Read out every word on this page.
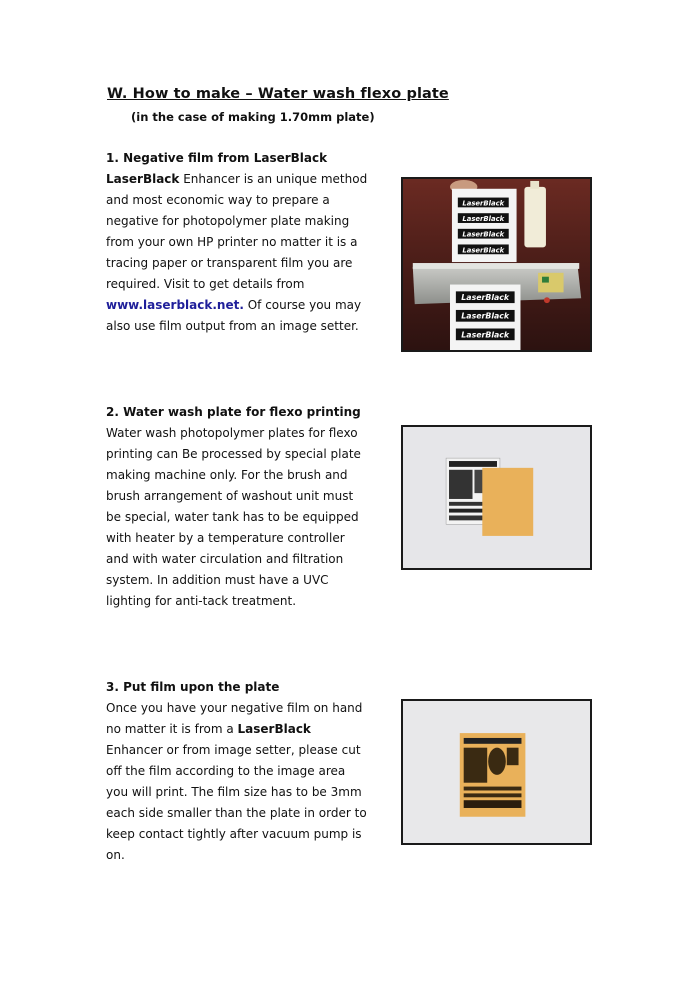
W. How to make – Water wash flexo plate
(in the case of making 1.70mm plate)
1. Negative film from LaserBlack
LaserBlack Enhancer is an unique method
and most economic way to prepare a
negative for photopolymer plate making
from your own HP printer no matter it is a
tracing paper or transparent film you are
required. Visit to get details from
www.laserblack.net. Of course you may
also use film output from an image setter.
LaserBlack
LaserBlack
LaserBlack
LaserBlack
LaserBlack
LaserBlack
LaserBlack
2. Water wash plate for flexo printing
Water wash photopolymer plates for flexo
printing can Be processed by special plate
making machine only. For the brush and
brush arrangement of washout unit must
be special, water tank has to be equipped
with heater by a temperature controller
and with water circulation and filtration
system. In addition must have a UVC
lighting for anti-tack treatment.
3. Put film upon the plate
Once you have your negative film on hand
no matter it is from a LaserBlack
Enhancer or from image setter, please cut
off the film according to the image area
you will print. The film size has to be 3mm
each side smaller than the plate in order to
keep contact tightly after vacuum pump is
on.
